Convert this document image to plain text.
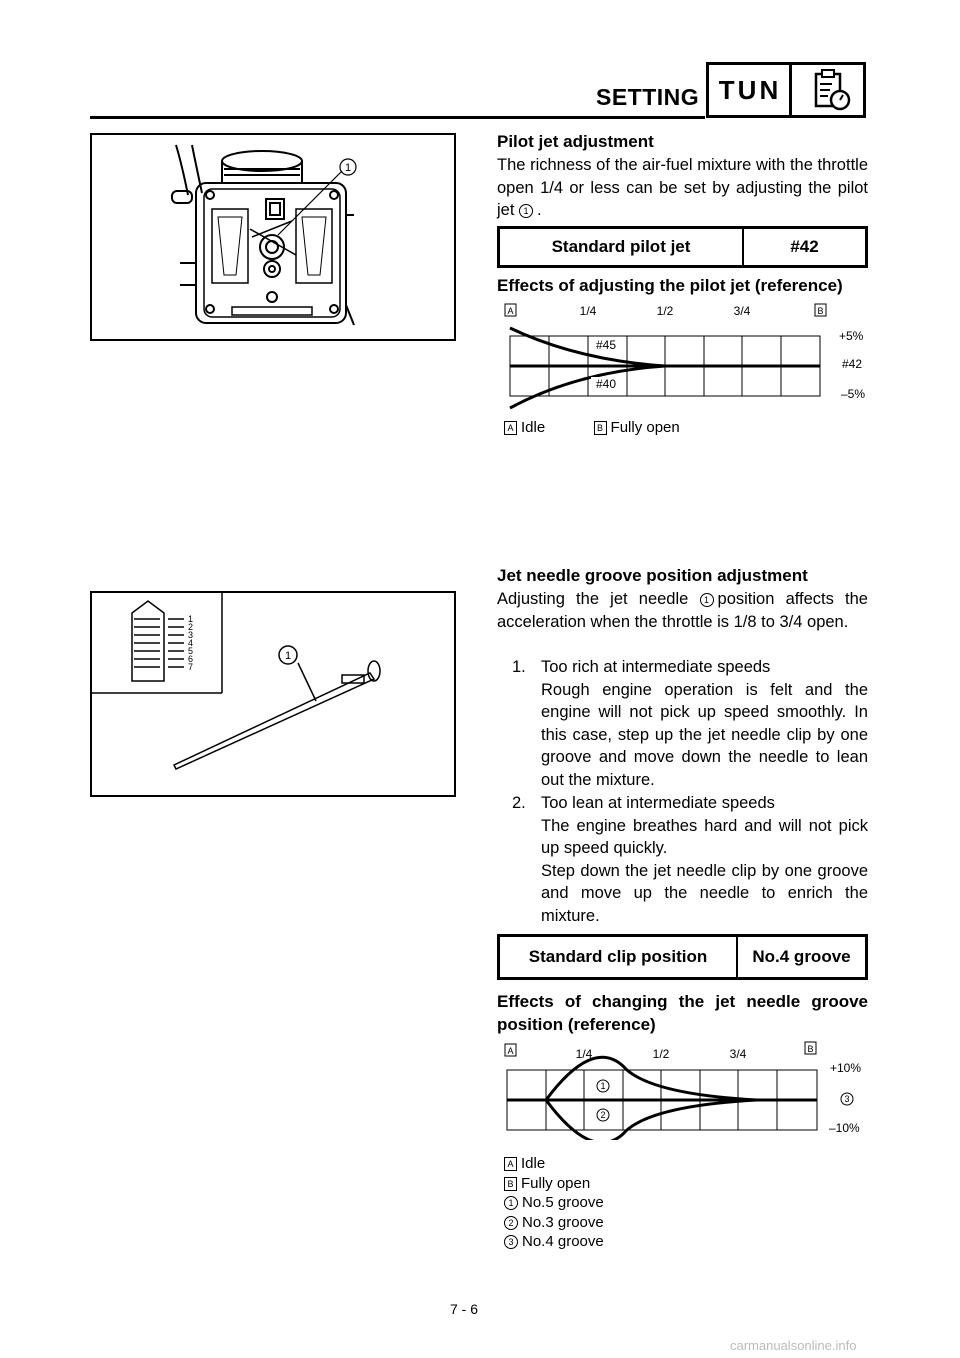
SETTING TUN
1
Pilot jet adjustment
The richness of the air-fuel mixture with the throttle open 1/4 or less can be set by adjusting the pilot jet 1 .
Standard pilot jet	#42
Effects of adjusting the pilot jet (reference)
A	B
1/4	1/2	3/4
#45
#40
+5%
#42
–5%
A Idle	B Fully open
1
2
3
4
5
6
7
1
Jet needle groove position adjustment
Adjusting the jet needle 1 position affects the acceleration when the throttle is 1/8 to 3/4 open.
1. Too rich at intermediate speeds
Rough engine operation is felt and the engine will not pick up speed smoothly. In this case, step up the jet needle clip by one groove and move down the needle to lean out the mixture.
2. Too lean at intermediate speeds
The engine breathes hard and will not pick up speed quickly.
Step down the jet needle clip by one groove and move up the needle to enrich the mixture.
Standard clip position	No.4 groove
Effects of changing the jet needle groove position (reference)
A	B
1/4	1/2	3/4
1
2
+10%
3
–10%
A Idle
B Fully open
1 No.5 groove
2 No.3 groove
3 No.4 groove
7 - 6
carmanualsonline.info
